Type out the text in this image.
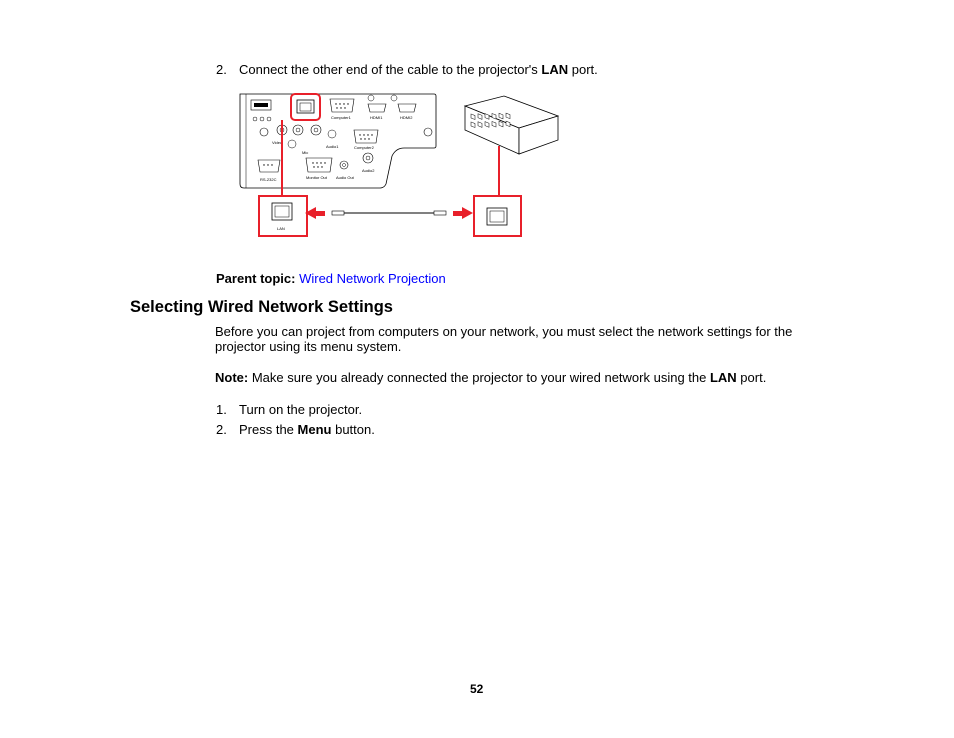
2. Connect the other end of the cable to the projector's LAN port.
Computer1	HDMI1	HDMI2
Video
Mic
Audio1	Computer2
RS-232C	Monitor Out Audio Out
Audio2
LAN
Parent topic: Wired Network Projection
Selecting Wired Network Settings
Before you can project from computers on your network, you must select the network settings for the projector using its menu system.
Note: Make sure you already connected the projector to your wired network using the LAN port.
1. Turn on the projector.
2. Press the Menu button.
52
